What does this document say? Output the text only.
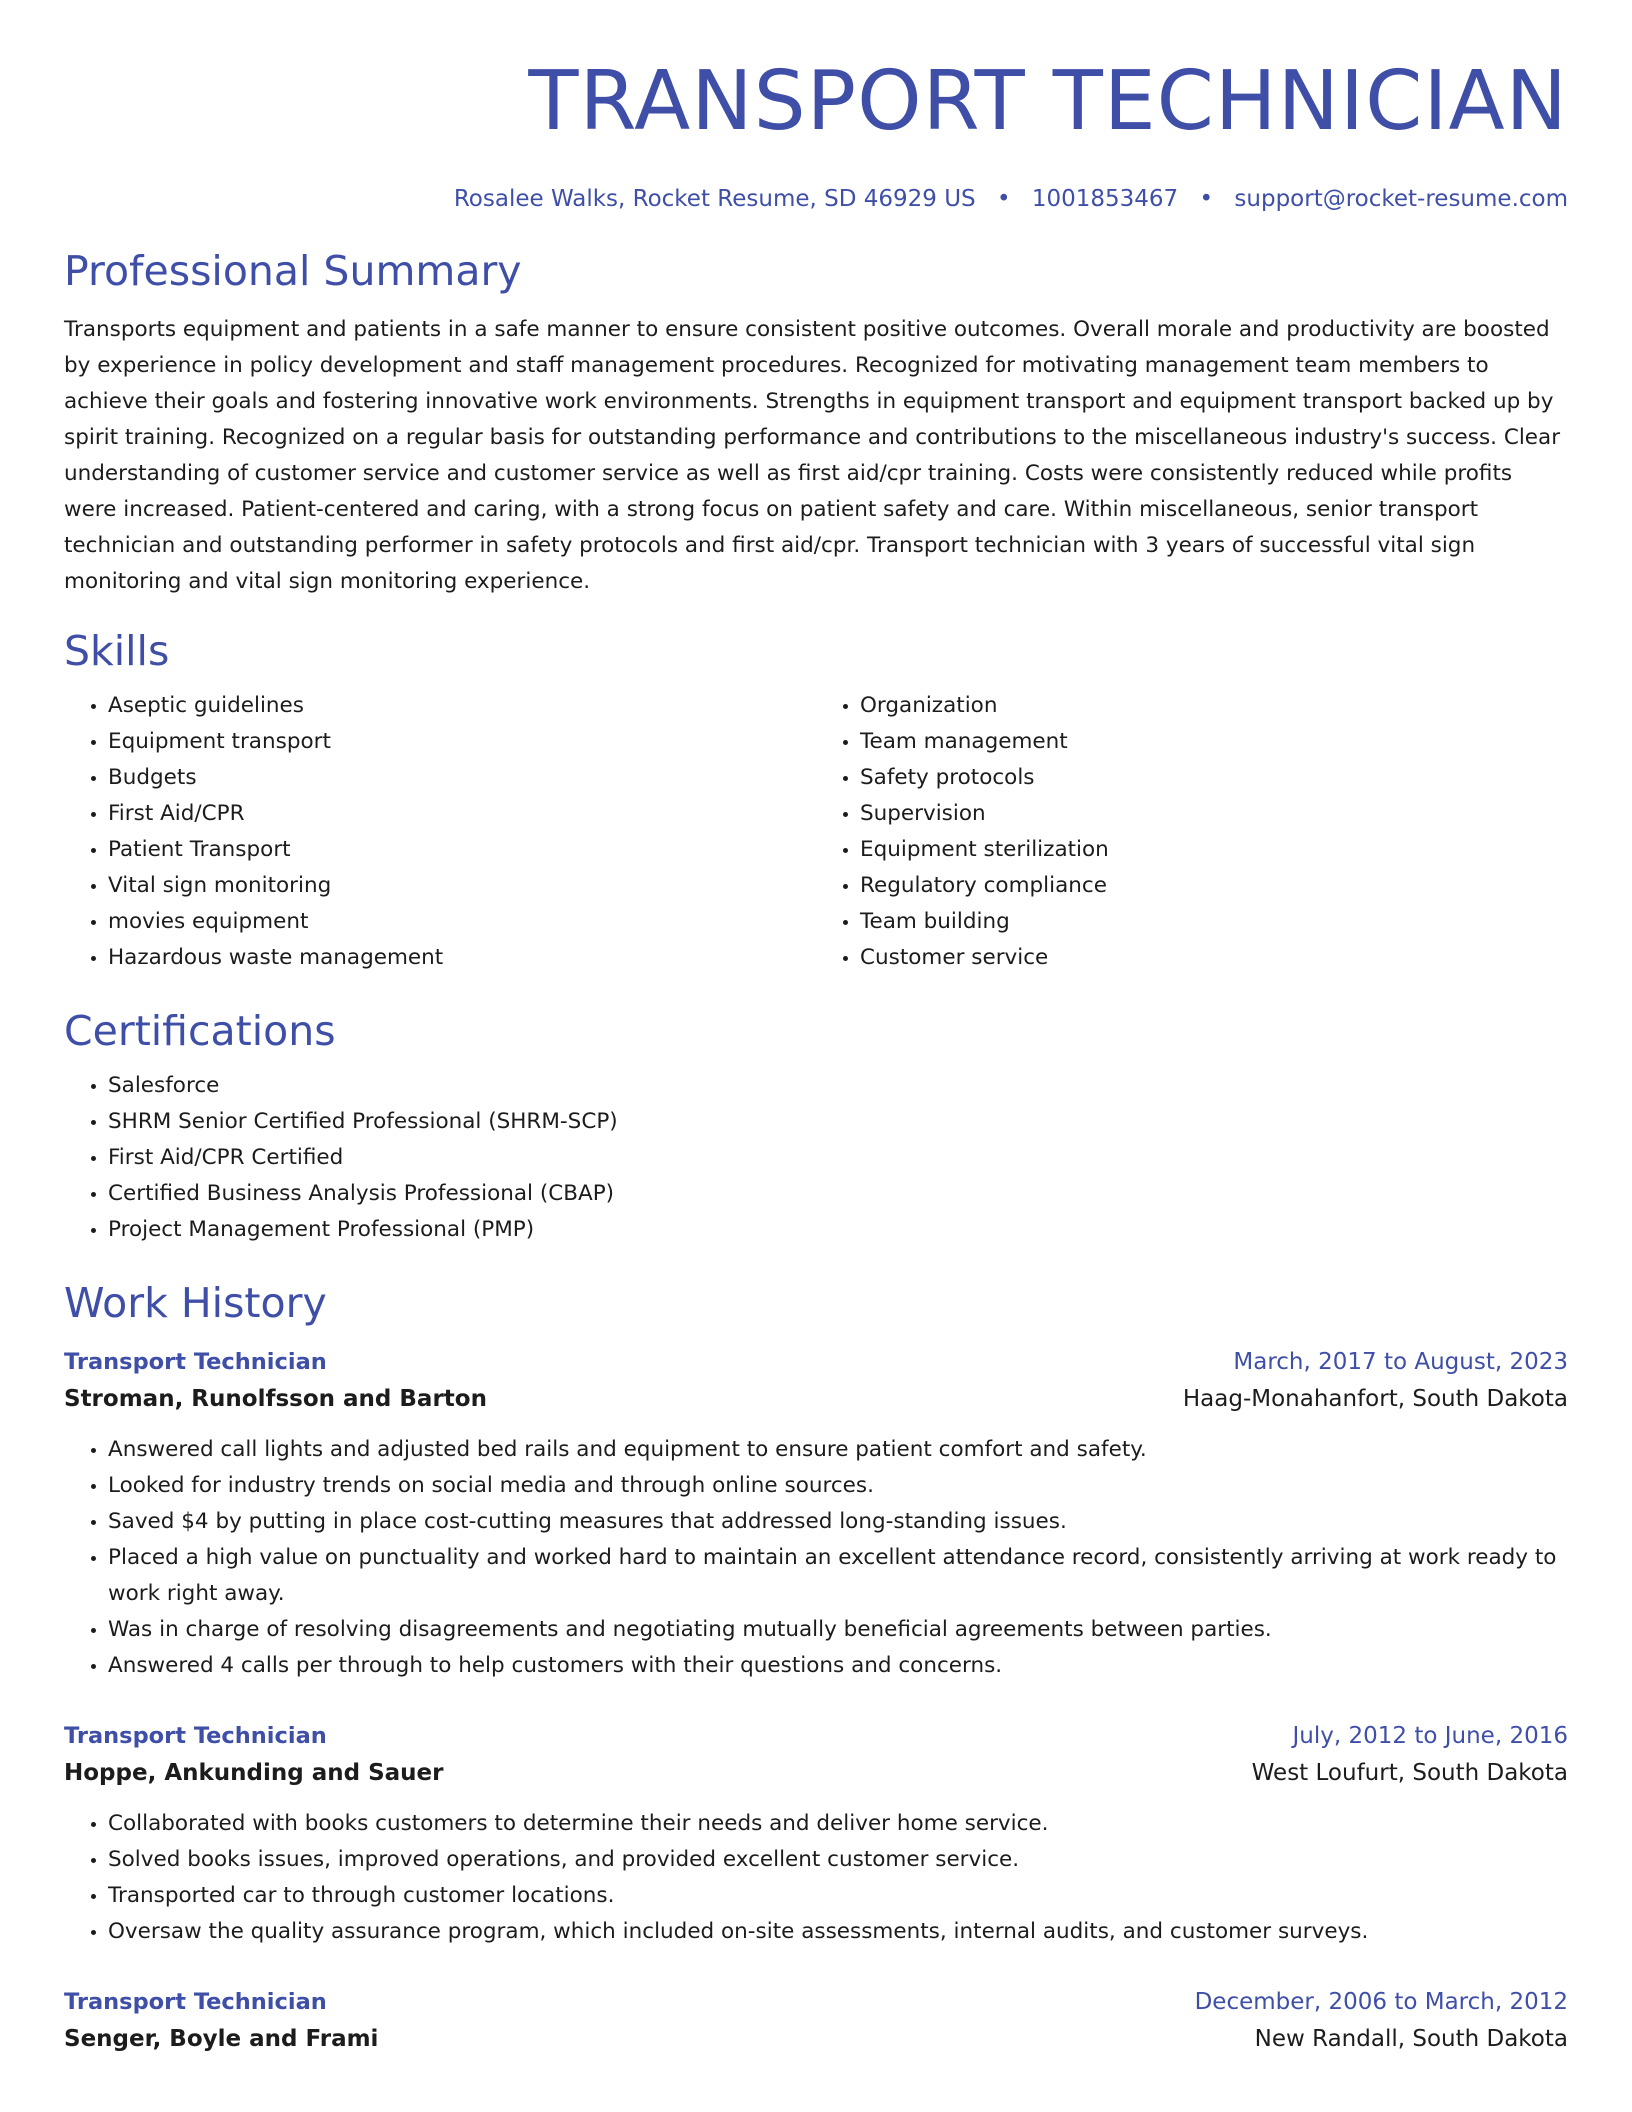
TRANSPORT TECHNICIAN
Rosalee Walks, Rocket Resume, SD 46929 US • 1001853467 • support@rocket-resume.com
Professional Summary

Transports equipment and patients in a safe manner to ensure consistent positive outcomes. Overall morale and productivity are boosted by experience in policy development and staff management procedures. Recognized for motivating management team members to achieve their goals and fostering innovative work environments. Strengths in equipment transport and equipment transport backed up by spirit training. Recognized on a regular basis for outstanding performance and contributions to the miscellaneous industry's success. Clear understanding of customer service and customer service as well as first aid/cpr training. Costs were consistently reduced while profits were increased. Patient-centered and caring, with a strong focus on patient safety and care. Within miscellaneous, senior transport technician and outstanding performer in safety protocols and first aid/cpr. Transport technician with 3 years of successful vital sign monitoring and vital sign monitoring experience.

Skills
• Aseptic guidelines
• Equipment transport
• Budgets
• First Aid/CPR
• Patient Transport
• Vital sign monitoring
• movies equipment
• Hazardous waste management
• Organization
• Team management
• Safety protocols
• Supervision
• Equipment sterilization
• Regulatory compliance
• Team building
• Customer service
Certifications
• Salesforce
• SHRM Senior Certified Professional (SHRM-SCP)
• First Aid/CPR Certified
• Certified Business Analysis Professional (CBAP)
• Project Management Professional (PMP)
Work History
Transport Technician	March, 2017 to August, 2023
Stroman, Runolfsson and Barton	Haag-Monahanfort, South Dakota
• Answered call lights and adjusted bed rails and equipment to ensure patient comfort and safety.
• Looked for industry trends on social media and through online sources.
• Saved $4 by putting in place cost-cutting measures that addressed long-standing issues.
• Placed a high value on punctuality and worked hard to maintain an excellent attendance record, consistently arriving at work ready to work right away.
• Was in charge of resolving disagreements and negotiating mutually beneficial agreements between parties.
• Answered 4 calls per through to help customers with their questions and concerns.
Transport Technician	July, 2012 to June, 2016
Hoppe, Ankunding and Sauer	West Loufurt, South Dakota
• Collaborated with books customers to determine their needs and deliver home service.
• Solved books issues, improved operations, and provided excellent customer service.
• Transported car to through customer locations.
• Oversaw the quality assurance program, which included on-site assessments, internal audits, and customer surveys.
Transport Technician	December, 2006 to March, 2012
Senger, Boyle and Frami	New Randall, South Dakota
